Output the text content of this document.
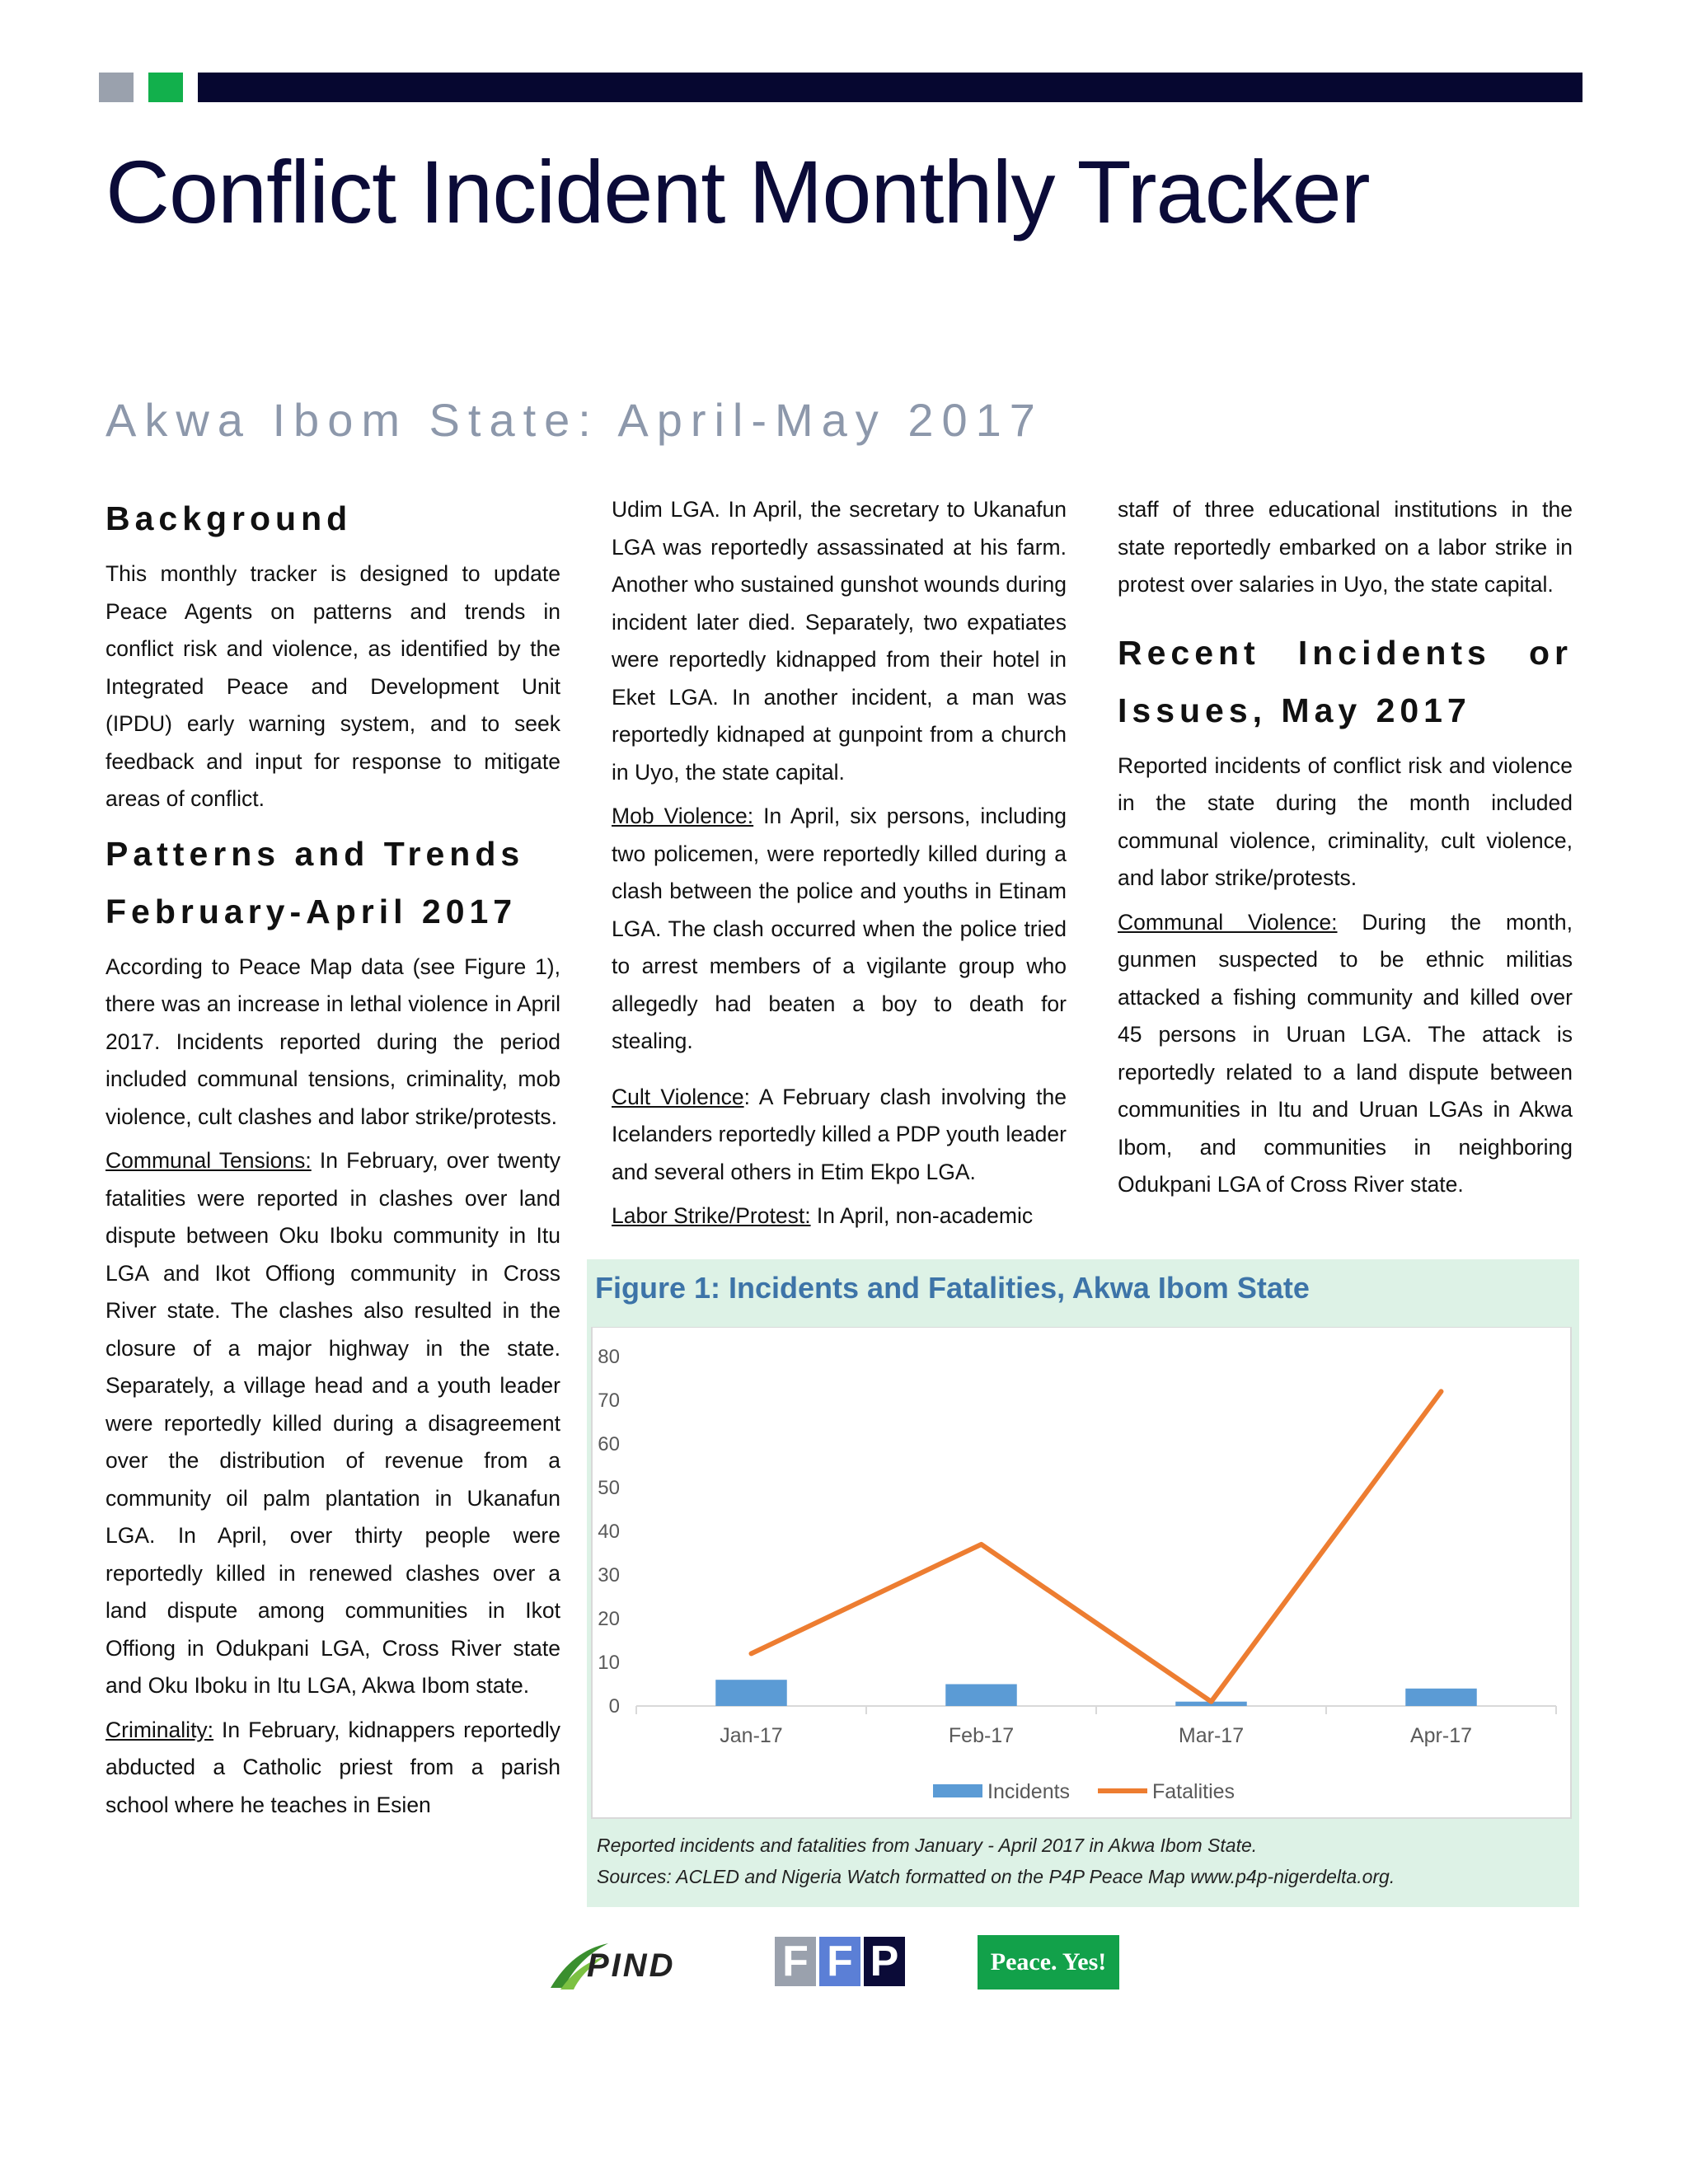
Conflict Incident Monthly Tracker
Akwa Ibom State: April-May 2017
Background

This monthly tracker is designed to update Peace Agents on patterns and trends in conflict risk and violence, as identified by the Integrated Peace and Development Unit (IPDU) early warning system, and to seek feedback and input for response to mitigate areas of conflict.

Patterns and Trends
February-April 2017

According to Peace Map data (see Figure 1), there was an increase in lethal violence in April 2017. Incidents reported during the period included communal tensions, criminality, mob violence, cult clashes and labor strike/protests.

Communal Tensions: In February, over twenty fatalities were reported in clashes over land dispute between Oku Iboku community in Itu LGA and Ikot Offiong community in Cross River state. The clashes also resulted in the closure of a major highway in the state. Separately, a village head and a youth leader were reportedly killed during a disagreement over the distribution of revenue from a community oil palm plantation in Ukanafun LGA. In April, over thirty people were reportedly killed in renewed clashes over a land dispute among communities in Ikot Offiong in Odukpani LGA, Cross River state and Oku Iboku in Itu LGA, Akwa Ibom state.

Criminality: In February, kidnappers reportedly abducted a Catholic priest from a parish school where he teaches in Esien

Udim LGA. In April, the secretary to Ukanafun LGA was reportedly assassinated at his farm. Another who sustained gunshot wounds during incident later died. Separately, two expatiates were reportedly kidnapped from their hotel in Eket LGA. In another incident, a man was reportedly kidnaped at gunpoint from a church in Uyo, the state capital.

Mob Violence: In April, six persons, including two policemen, were reportedly killed during a clash between the police and youths in Etinam LGA. The clash occurred when the police tried to arrest members of a vigilante group who allegedly had beaten a boy to death for stealing.

Cult Violence: A February clash involving the Icelanders reportedly killed a PDP youth leader and several others in Etim Ekpo LGA.

Labor Strike/Protest: In April, non-academic

staff of three educational institutions in the state reportedly embarked on a labor strike in protest over salaries in Uyo, the state capital.

Recent Incidents or
Issues, May 2017

Reported incidents of conflict risk and violence in the state during the month included communal violence, criminality, cult violence, and labor strike/protests.

Communal Violence: During the month, gunmen suspected to be ethnic militias attacked a fishing community and killed over 45 persons in Uruan LGA. The attack is reportedly related to a land dispute between communities in Itu and Uruan LGAs in Akwa Ibom, and communities in neighboring Odukpani LGA of Cross River state.

Figure 1: Incidents and Fatalities, Akwa Ibom State
0
10
20
30
40
50
60
70
80
Jan-17	Feb-17	Mar-17	Apr-17
Incidents	Fatalities
Reported incidents and fatalities from January - April 2017 in Akwa Ibom State.
Sources: ACLED and Nigeria Watch formatted on the P4P Peace Map www.p4p-nigerdelta.org.
PIND F F P	Peace. Yes!
